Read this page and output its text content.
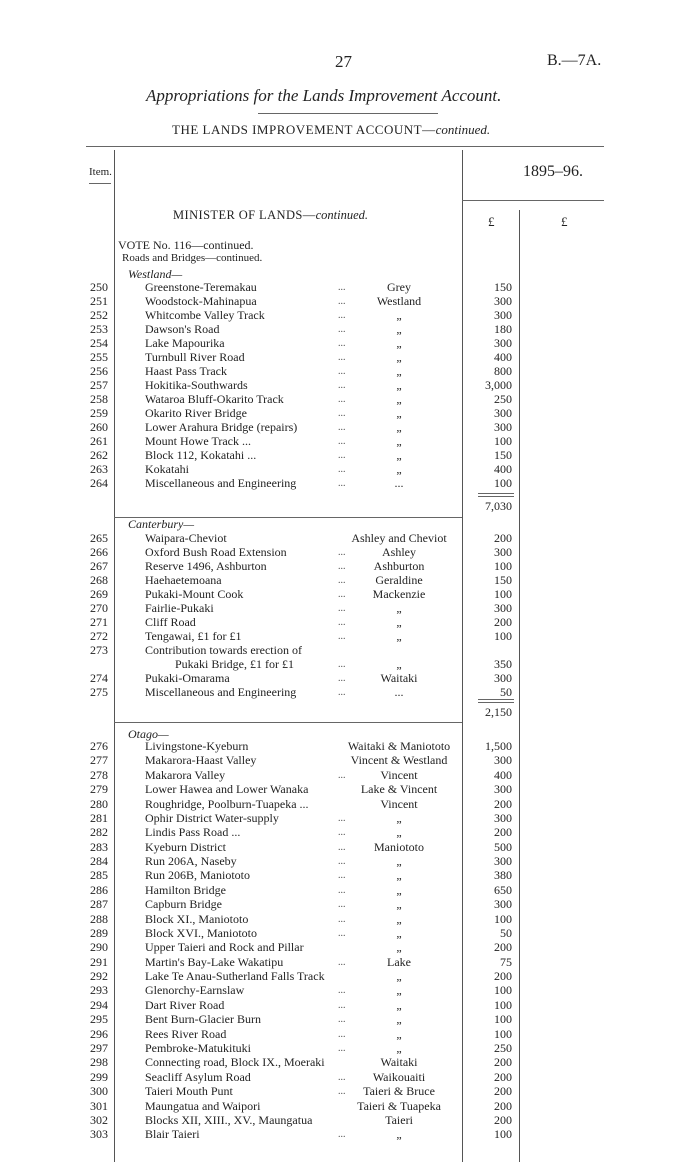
27	B.—7A.
Appropriations for the Lands Improvement Account.
THE LANDS IMPROVEMENT ACCOUNT—continued.
Item.	1895–96.
MINISTER OF LANDS—continued.	£	£
VOTE No. 116—continued.
Roads and Bridges—continued.
Westland—
250	Greenstone-Teremakau	...	Grey	150
251	Woodstock-Mahinapua	...	Westland	300
252	Whitcombe Valley Track	...	„	300
253	Dawson's Road	...	„	180
254	Lake Mapourika	...	„	300
255	Turnbull River Road	...	„	400
256	Haast Pass Track	...	„	800
257	Hokitika-Southwards	...	„	3,000
258	Wataroa Bluff-Okarito Track	...	„	250
259	Okarito River Bridge	...	„	300
260	Lower Arahura Bridge (repairs)	...	„	300
261	Mount Howe Track ...	...	„	100
262	Block 112, Kokatahi ...	...	„	150
263	Kokatahi	...	„	400
264	Miscellaneous and Engineering	...	...	100
7,030
Canterbury—
265	Waipara-Cheviot	Ashley and Cheviot	200
266	Oxford Bush Road Extension	...	Ashley	300
267	Reserve 1496, Ashburton	...	Ashburton	100
268	Haehaetemoana	...	Geraldine	150
269	Pukaki-Mount Cook	...	Mackenzie	100
270	Fairlie-Pukaki	...	„	300
271	Cliff Road	...	„	200
272	Tengawai, £1 for £1	...	„	100
273	Contribution towards erection of
Pukaki Bridge, £1 for £1	...	„	350
274	Pukaki-Omarama	...	Waitaki	300
275	Miscellaneous and Engineering	...	...	50
2,150
Otago—
276	Livingstone-Kyeburn	Waitaki & Maniototo	1,500
277	Makarora-Haast Valley	Vincent & Westland	300
278	Makarora Valley	...	Vincent	400
279	Lower Hawea and Lower Wanaka	Lake & Vincent	300
280	Roughridge, Poolburn-Tuapeka ...	Vincent	200
281	Ophir District Water-supply	...	„	300
282	Lindis Pass Road ...	...	„	200
283	Kyeburn District	...	Maniototo	500
284	Run 206A, Naseby	...	„	300
285	Run 206B, Maniototo	...	„	380
286	Hamilton Bridge	...	„	650
287	Capburn Bridge	...	„	300
288	Block XI., Maniototo	...	„	100
289	Block XVI., Maniototo	...	„	50
290	Upper Taieri and Rock and Pillar	„	200
291	Martin's Bay-Lake Wakatipu	...	Lake	75
292	Lake Te Anau-Sutherland Falls Track	„	200
293	Glenorchy-Earnslaw	...	„	100
294	Dart River Road	...	„	100
295	Bent Burn-Glacier Burn	...	„	100
296	Rees River Road	...	„	100
297	Pembroke-Matukituki	...	„	250
298	Connecting road, Block IX., Moeraki	Waitaki	200
299	Seacliff Asylum Road	...	Waikouaiti	200
300	Taieri Mouth Punt	...	Taieri & Bruce	200
301	Maungatua and Waipori	Taieri & Tuapeka	200
302	Blocks XII, XIII., XV., Maungatua	Taieri	200
303	Blair Taieri	...	„	100
